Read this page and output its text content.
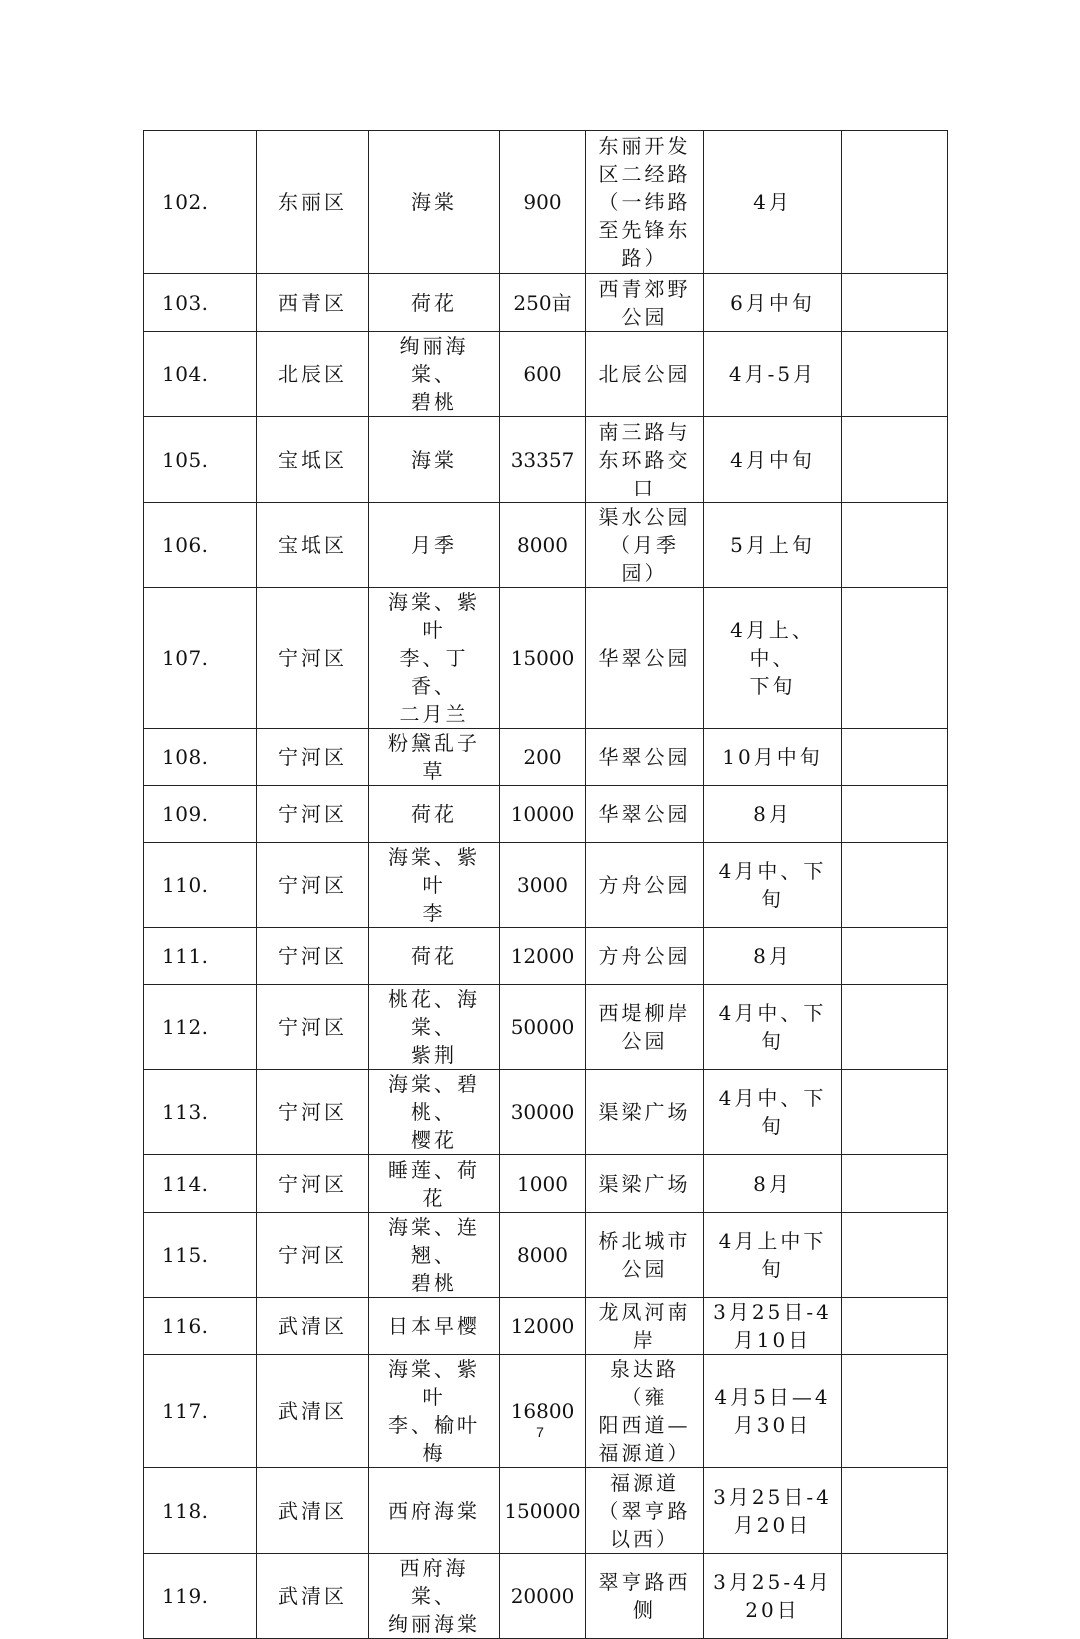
102.	东丽区	海棠	900	东丽开发
区二经路
（一纬路
至先锋东
路）	4月	
103.	西青区	荷花	250亩	西青郊野
公园	6月中旬	
104.	北辰区	绚丽海棠、
碧桃	600	北辰公园	4月-5月	
105.	宝坻区	海棠	33357	南三路与
东环路交
口	4月中旬	
106.	宝坻区	月季	8000	渠水公园
（月季园）	5月上旬	
107.	宁河区	海棠、紫叶
李、丁香、
二月兰	15000	华翠公园	4月上、中、
下旬	
108.	宁河区	粉黛乱子草	200	华翠公园	10月中旬	
109.	宁河区	荷花	10000	华翠公园	8月	
110.	宁河区	海棠、紫叶
李	3000	方舟公园	4月中、下旬	
111.	宁河区	荷花	12000	方舟公园	8月	
112.	宁河区	桃花、海棠、
紫荆	50000	西堤柳岸
公园	4月中、下旬	
113.	宁河区	海棠、碧桃、
樱花	30000	渠梁广场	4月中、下旬	
114.	宁河区	睡莲、荷花	1000	渠梁广场	8月	
115.	宁河区	海棠、连翘、
碧桃	8000	桥北城市
公园	4月上中下
旬	
116.	武清区	日本早樱	12000	龙凤河南
岸	3月25日-4
月10日	
117.	武清区	海棠、紫叶
李、榆叶梅	16800	泉达路（雍
阳西道—
福源道）	4月5日—4
月30日	
118.	武清区	西府海棠	150000	福源道
（翠亨路
以西）	3月25日-4
月20日	
119.	武清区	西府海棠、
绚丽海棠	20000	翠亨路西
侧	3月25-4月
20日	
7
